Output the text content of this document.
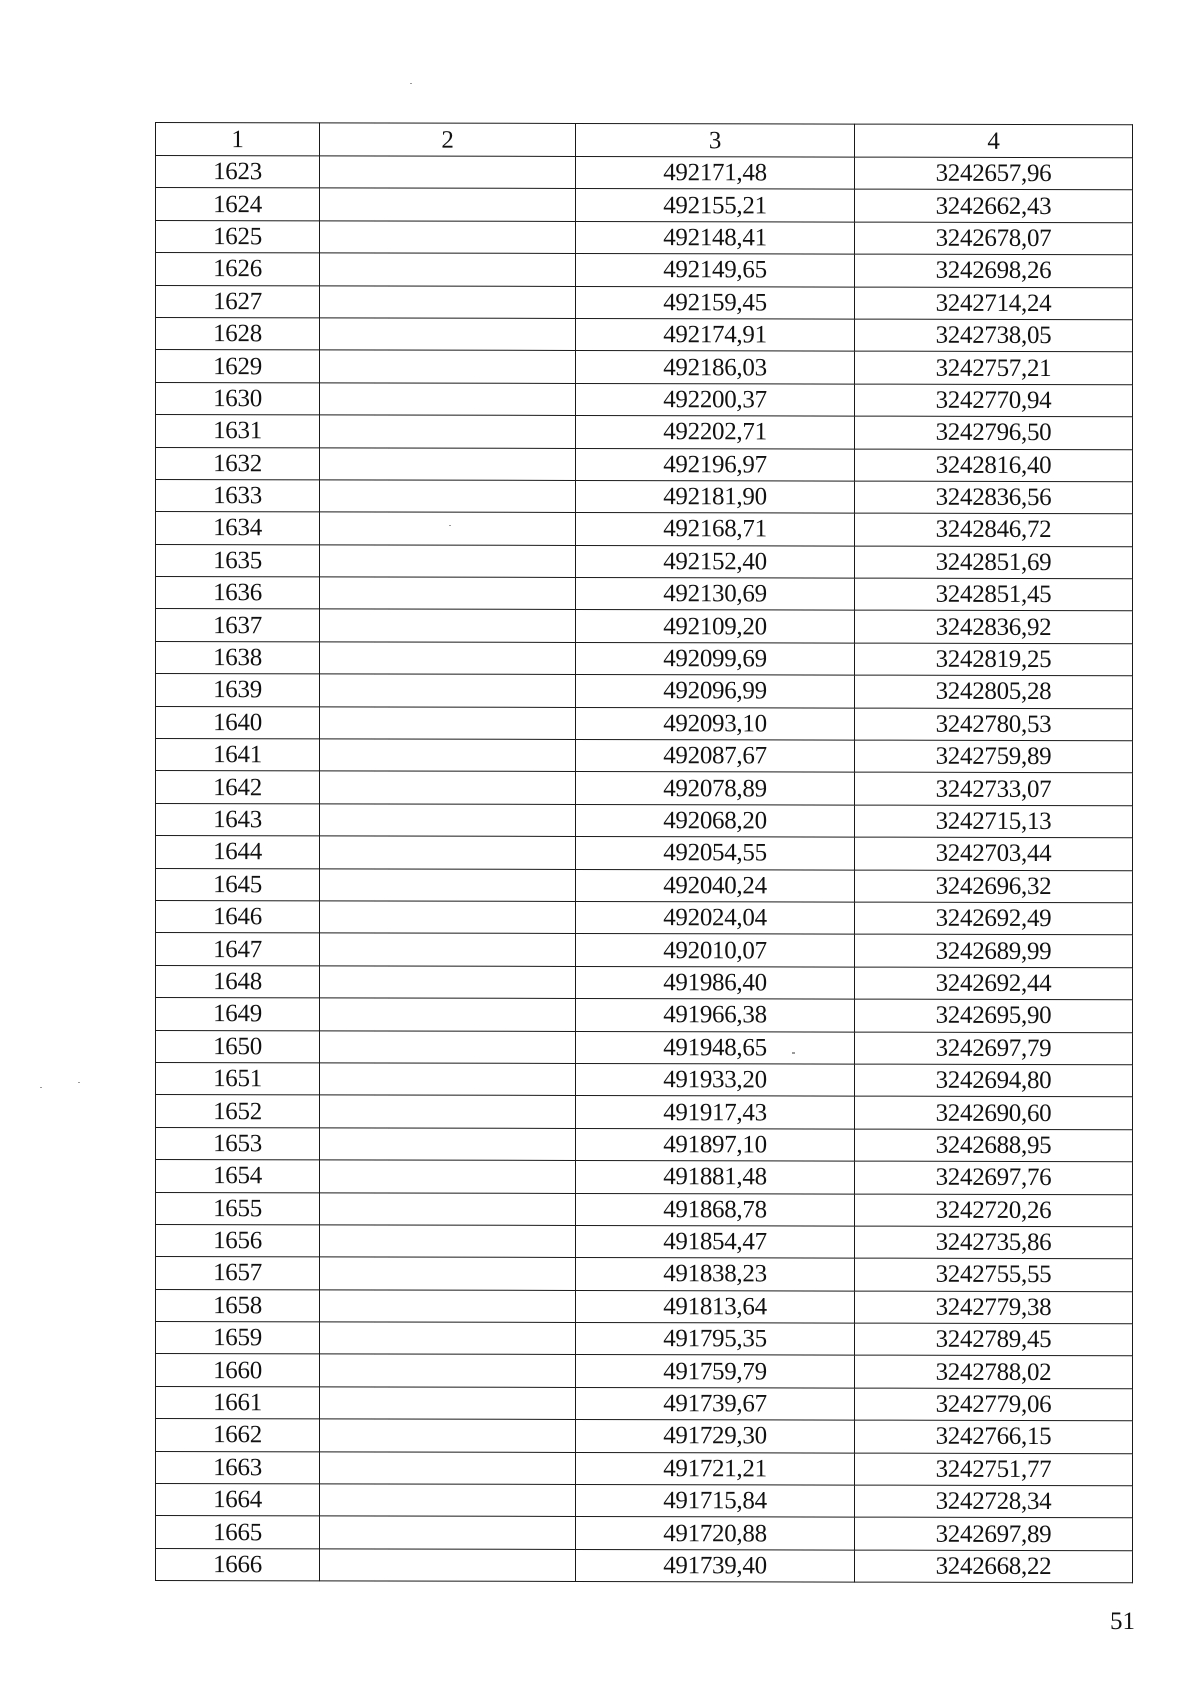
1	2	3	4
1623		492171,48	3242657,96
1624		492155,21	3242662,43
1625		492148,41	3242678,07
1626		492149,65	3242698,26
1627		492159,45	3242714,24
1628		492174,91	3242738,05
1629		492186,03	3242757,21
1630		492200,37	3242770,94
1631		492202,71	3242796,50
1632		492196,97	3242816,40
1633		492181,90	3242836,56
1634		492168,71	3242846,72
1635		492152,40	3242851,69
1636		492130,69	3242851,45
1637		492109,20	3242836,92
1638		492099,69	3242819,25
1639		492096,99	3242805,28
1640		492093,10	3242780,53
1641		492087,67	3242759,89
1642		492078,89	3242733,07
1643		492068,20	3242715,13
1644		492054,55	3242703,44
1645		492040,24	3242696,32
1646		492024,04	3242692,49
1647		492010,07	3242689,99
1648		491986,40	3242692,44
1649		491966,38	3242695,90
1650		491948,65	3242697,79
1651		491933,20	3242694,80
1652		491917,43	3242690,60
1653		491897,10	3242688,95
1654		491881,48	3242697,76
1655		491868,78	3242720,26
1656		491854,47	3242735,86
1657		491838,23	3242755,55
1658		491813,64	3242779,38
1659		491795,35	3242789,45
1660		491759,79	3242788,02
1661		491739,67	3242779,06
1662		491729,30	3242766,15
1663		491721,21	3242751,77
1664		491715,84	3242728,34
1665		491720,88	3242697,89
1666		491739,40	3242668,22
51
